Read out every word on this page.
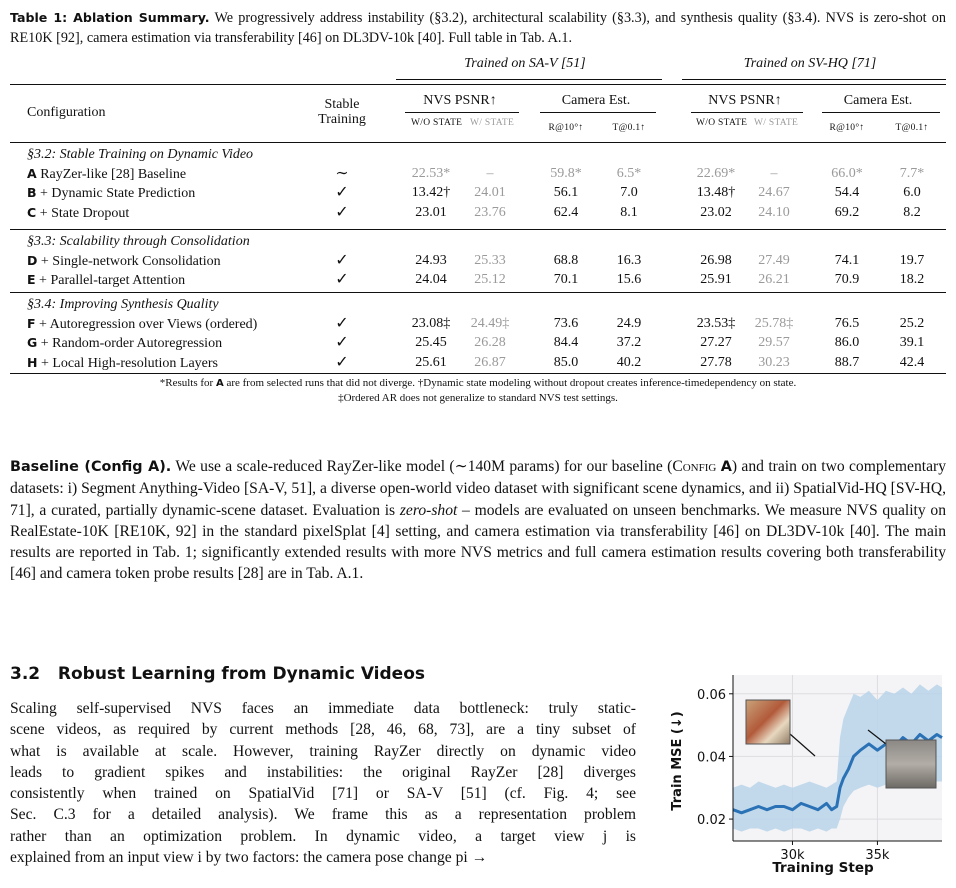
Table 1: Ablation Summary. We progressively address instability (§3.2), architectural scalability (§3.3), and synthesis quality (§3.4). NVS is zero-shot on RE10K [92], camera estimation via transferability [46] on DL3DV-10k [40]. Full table in Tab. A.1.
Trained on SA-V [51]	Trained on SV-HQ [71]
Configuration
Stable
Training
NVS PSNR↑	Camera Est.	NVS PSNR↑	Camera Est.
W/O STATE W/ STATE	R@10°↑	T@0.1↑	W/O STATE W/ STATE	R@10°↑	T@0.1↑
§3.2: Stable Training on Dynamic Video
A RayZer-like [28] Baseline	∼	22.53*	–	59.8*	6.5*	22.69*	–	66.0*	7.7*
B + Dynamic State Prediction	✓	13.42† 24.01	56.1	7.0	13.48† 24.67	54.4	6.0
C + State Dropout	✓	23.01 23.76	62.4	8.1	23.02 24.10	69.2	8.2
§3.3: Scalability through Consolidation
D + Single-network Consolidation	✓	24.93 25.33	68.8	16.3	26.98 27.49	74.1	19.7
E + Parallel-target Attention	✓	24.04 25.12	70.1	15.6	25.91 26.21	70.9	18.2
§3.4: Improving Synthesis Quality
F + Autoregression over Views (ordered)	✓	23.08‡ 24.49‡	73.6	24.9	23.53‡ 25.78‡	76.5	25.2
G + Random-order Autoregression	✓	25.45 26.28	84.4	37.2	27.27 29.57	86.0	39.1
H + Local High-resolution Layers	✓	25.61 26.87	85.0	40.2	27.78 30.23	88.7	42.4
*Results for A are from selected runs that did not diverge. †Dynamic state modeling without dropout creates inference-timedependency on state.
‡Ordered AR does not generalize to standard NVS test settings.
Baseline (Config A). We use a scale-reduced RayZer-like model (∼140M params) for our baseline (Config A) and train on two complementary datasets: i) Segment Anything-Video [SA-V, 51], a diverse open-world video dataset with significant scene dynamics, and ii) SpatialVid-HQ [SV-HQ, 71], a curated, partially dynamic-scene dataset. Evaluation is zero-shot – models are evaluated on unseen benchmarks. We measure NVS quality on RealEstate-10K [RE10K, 92] in the standard pixelSplat [4] setting, and camera estimation via transferability [46] on DL3DV-10k [40]. The main results are reported in Tab. 1; significantly extended results with more NVS metrics and full camera estimation results covering both transferability [46] and camera token probe results [28] are in Tab. A.1.
3.2 Robust Learning from Dynamic Videos
Scaling self-supervised NVS faces an immediate data bottleneck: truly static-
scene videos, as required by current methods [28, 46, 68, 73], are a tiny subset of
what is available at scale. However, training RayZer directly on dynamic video
leads to gradient spikes and instabilities: the original RayZer [28] diverges
consistently when trained on SpatialVid [71] or SA-V [51] (cf. Fig. 4; see
Sec. C.3 for a detailed analysis). We frame this as a representation problem
rather than an optimization problem. In dynamic video, a target view j is
explained from an input view i by two factors: the camera pose change pi →
0.02
0.04
0.06
30k	35k
Train MSE (↓)
Training Step
